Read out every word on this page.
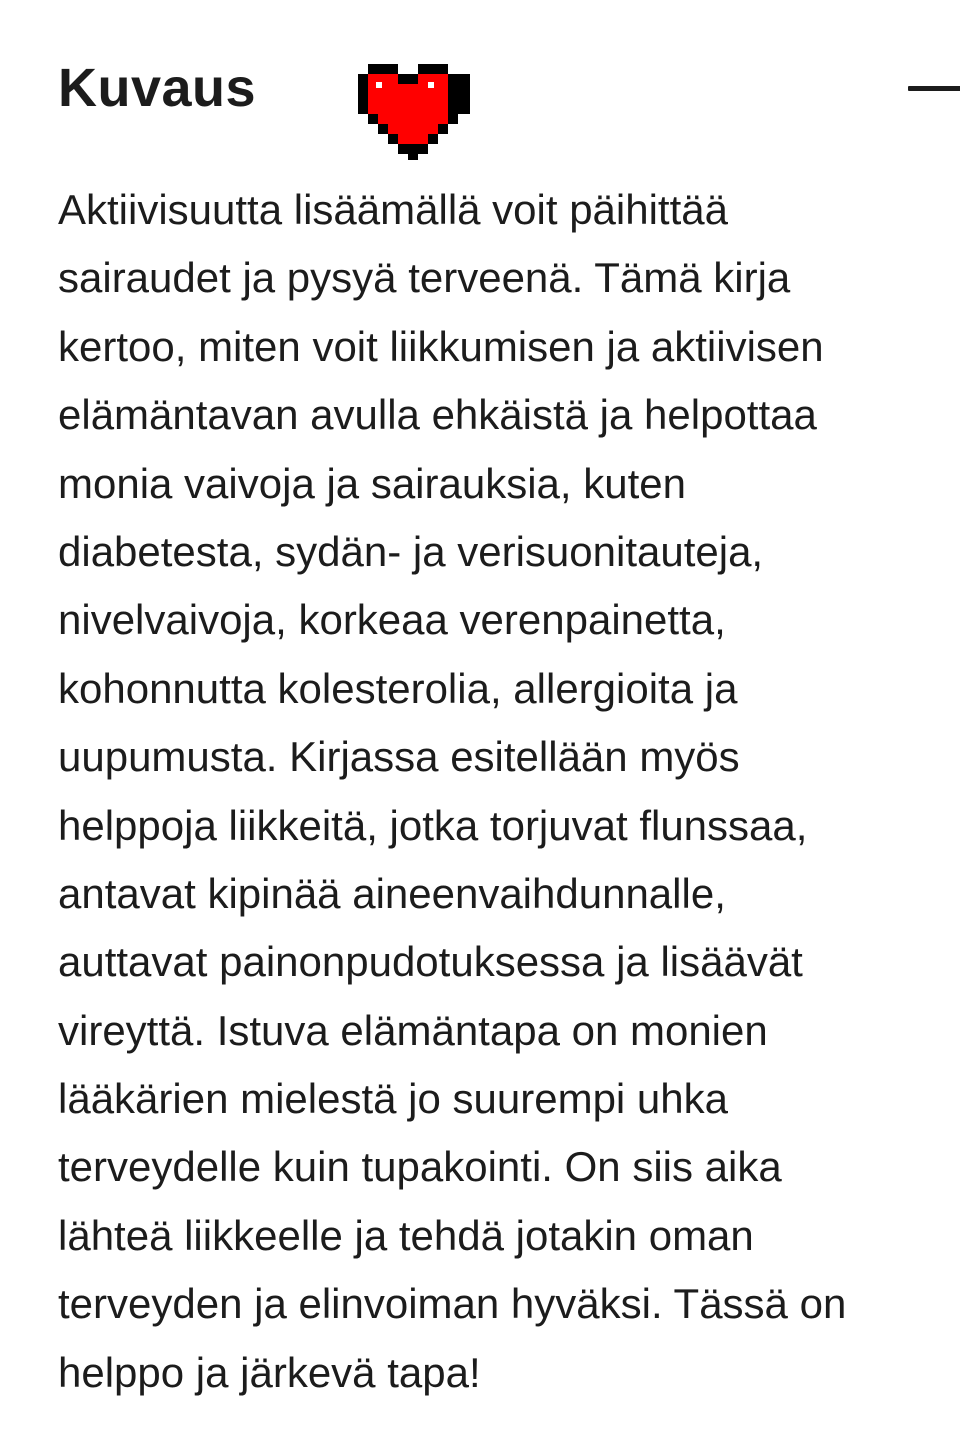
Kuvaus

Aktiivisuutta lisäämällä voit päihittää
sairaudet ja pysyä terveenä. Tämä kirja
kertoo, miten voit liikkumisen ja aktiivisen
elämäntavan avulla ehkäistä ja helpottaa
monia vaivoja ja sairauksia, kuten
diabetesta, sydän- ja verisuonitauteja,
nivelvaivoja, korkeaa verenpainetta,
kohonnutta kolesterolia, allergioita ja
uupumusta. Kirjassa esitellään myös
helppoja liikkeitä, jotka torjuvat flunssaa,
antavat kipinää aineenvaihdunnalle,
auttavat painonpudotuksessa ja lisäävät
vireyttä. Istuva elämäntapa on monien
lääkärien mielestä jo suurempi uhka
terveydelle kuin tupakointi. On siis aika
lähteä liikkeelle ja tehdä jotakin oman
terveyden ja elinvoiman hyväksi. Tässä on
helppo ja järkevä tapa!
